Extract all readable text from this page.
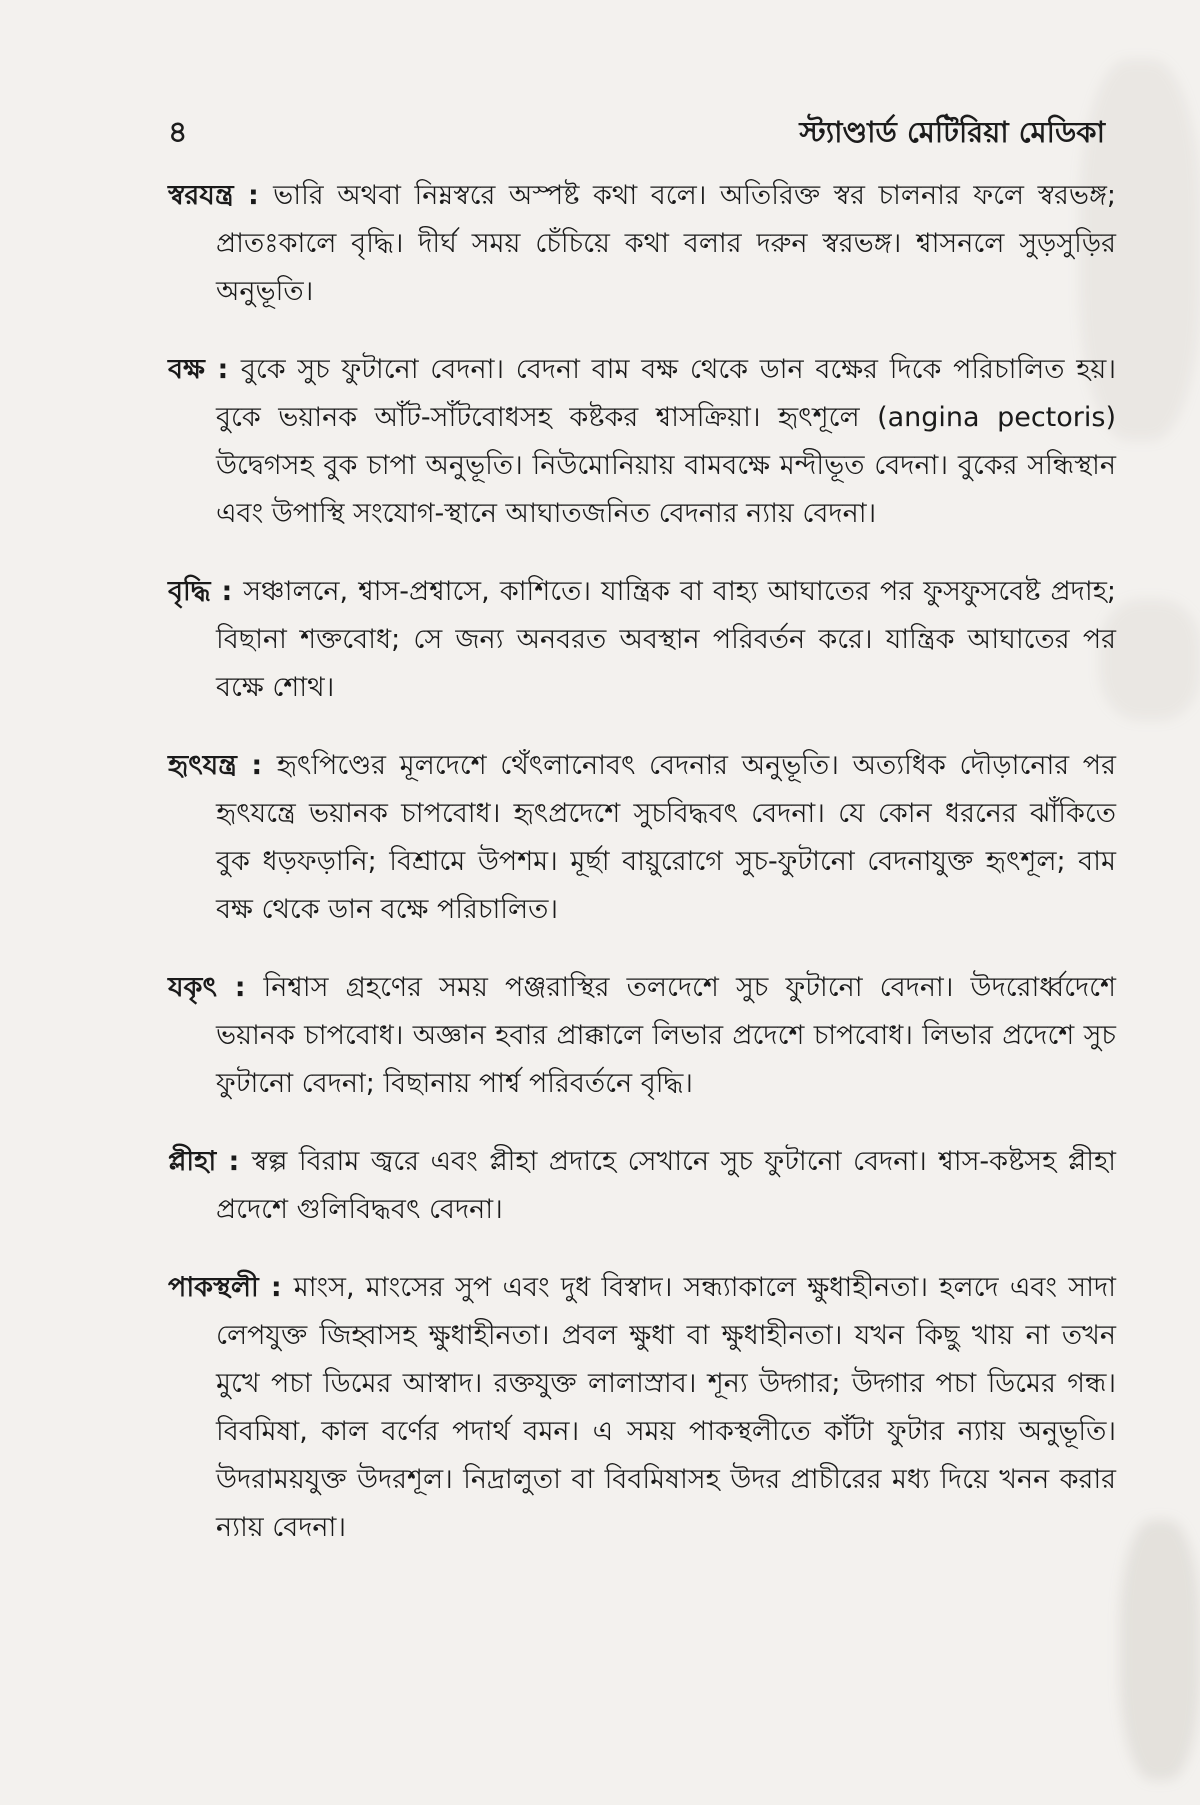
৪	স্ট্যাণ্ডার্ড মেটিরিয়া মেডিকা
স্বরযন্ত্র : ভারি অথবা নিম্নস্বরে অস্পষ্ট কথা বলে। অতিরিক্ত স্বর চালনার ফলে স্বরভঙ্গ; প্রাতঃকালে বৃদ্ধি। দীর্ঘ সময় চেঁচিয়ে কথা বলার দরুন স্বরভঙ্গ। শ্বাসনলে সুড়সুড়ির অনুভূতি।
বক্ষ : বুকে সুচ ফুটানো বেদনা। বেদনা বাম বক্ষ থেকে ডান বক্ষের দিকে পরিচালিত হয়। বুকে ভয়ানক আঁট-সাঁটবোধসহ কষ্টকর শ্বাসক্রিয়া। হৃৎশূলে (angina pectoris) উদ্বেগসহ বুক চাপা অনুভূতি। নিউমোনিয়ায় বামবক্ষে মন্দীভূত বেদনা। বুকের সন্ধিস্থান এবং উপাস্থি সংযোগ-স্থানে আঘাতজনিত বেদনার ন্যায় বেদনা।
বৃদ্ধি : সঞ্চালনে, শ্বাস-প্রশ্বাসে, কাশিতে। যান্ত্রিক বা বাহ্য আঘাতের পর ফুসফুসবেষ্ট প্রদাহ; বিছানা শক্তবোধ; সে জন্য অনবরত অবস্থান পরিবর্তন করে। যান্ত্রিক আঘাতের পর বক্ষে শোথ।
হৃৎযন্ত্র : হৃৎপিণ্ডের মূলদেশে থেঁৎলানোবৎ বেদনার অনুভূতি। অত্যধিক দৌড়ানোর পর হৃৎযন্ত্রে ভয়ানক চাপবোধ। হৃৎপ্রদেশে সুচবিদ্ধবৎ বেদনা। যে কোন ধরনের ঝাঁকিতে বুক ধড়ফড়ানি; বিশ্রামে উপশম। মূর্ছা বায়ুরোগে সুচ-ফুটানো বেদনাযুক্ত হৃৎশূল; বাম বক্ষ থেকে ডান বক্ষে পরিচালিত।
যকৃৎ : নিশ্বাস গ্রহণের সময় পঞ্জরাস্থির তলদেশে সুচ ফুটানো বেদনা। উদরোর্ধ্বদেশে ভয়ানক চাপবোধ। অজ্ঞান হবার প্রাক্কালে লিভার প্রদেশে চাপবোধ। লিভার প্রদেশে সুচ ফুটানো বেদনা; বিছানায় পার্শ্ব পরিবর্তনে বৃদ্ধি।
প্লীহা : স্বল্প বিরাম জ্বরে এবং প্লীহা প্রদাহে সেখানে সুচ ফুটানো বেদনা। শ্বাস-কষ্টসহ প্লীহা প্রদেশে গুলিবিদ্ধবৎ বেদনা।
পাকস্থলী : মাংস, মাংসের সুপ এবং দুধ বিস্বাদ। সন্ধ্যাকালে ক্ষুধাহীনতা। হলদে এবং সাদা লেপযুক্ত জিহ্বাসহ ক্ষুধাহীনতা। প্রবল ক্ষুধা বা ক্ষুধাহীনতা। যখন কিছু খায় না তখন মুখে পচা ডিমের আস্বাদ। রক্তযুক্ত লালাস্রাব। শূন্য উদ্গার; উদ্গার পচা ডিমের গন্ধ। বিবমিষা, কাল বর্ণের পদার্থ বমন। এ সময় পাকস্থলীতে কাঁটা ফুটার ন্যায় অনুভূতি। উদরাময়যুক্ত উদরশূল। নিদ্রালুতা বা বিবমিষাসহ উদর প্রাচীরের মধ্য দিয়ে খনন করার ন্যায় বেদনা।
